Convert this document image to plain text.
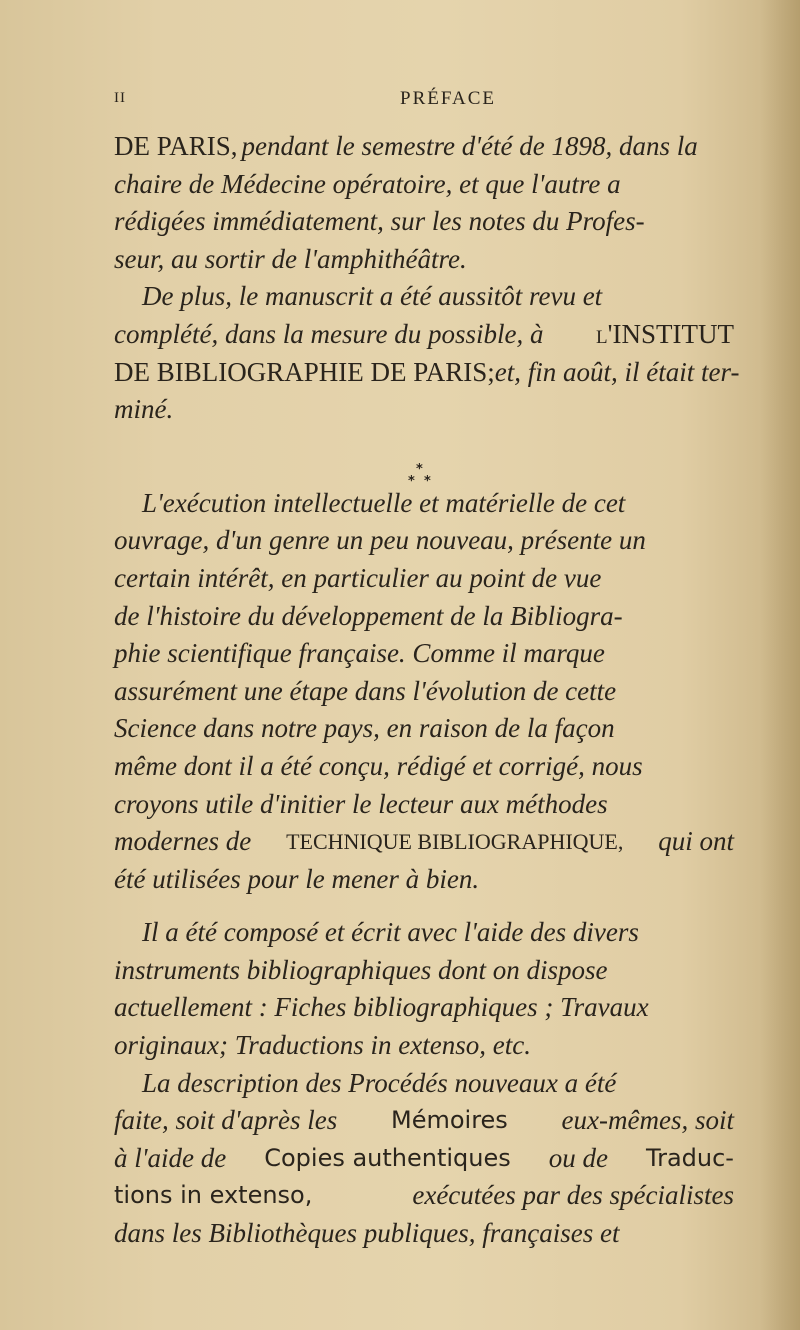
II	PRÉFACE
DE PARIS, pendant le semestre d'été de 1898, dans la
chaire de Médecine opératoire, et que l'autre a
rédigées immédiatement, sur les notes du Profes-
seur, au sortir de l'amphithéâtre.
De plus, le manuscrit a été aussitôt revu et
complété, dans la mesure du possible, à l'INSTITUT
DE BIBLIOGRAPHIE DE PARIS; et, fin août, il était ter-
miné.
*
* *
L'exécution intellectuelle et matérielle de cet
ouvrage, d'un genre un peu nouveau, présente un
certain intérêt, en particulier au point de vue
de l'histoire du développement de la Bibliogra-
phie scientifique française. Comme il marque
assurément une étape dans l'évolution de cette
Science dans notre pays, en raison de la façon
même dont il a été conçu, rédigé et corrigé, nous
croyons utile d'initier le lecteur aux méthodes
modernes de TECHNIQUE BIBLIOGRAPHIQUE, qui ont
été utilisées pour le mener à bien.
Il a été composé et écrit avec l'aide des divers
instruments bibliographiques dont on dispose
actuellement : Fiches bibliographiques ; Travaux
originaux; Traductions in extenso, etc.
La description des Procédés nouveaux a été
faite, soit d'après les Mémoires eux-mêmes, soit
à l'aide de Copies authentiques ou de Traduc-
tions in extenso,	exécutées par des spécialistes
dans les Bibliothèques publiques, françaises et
